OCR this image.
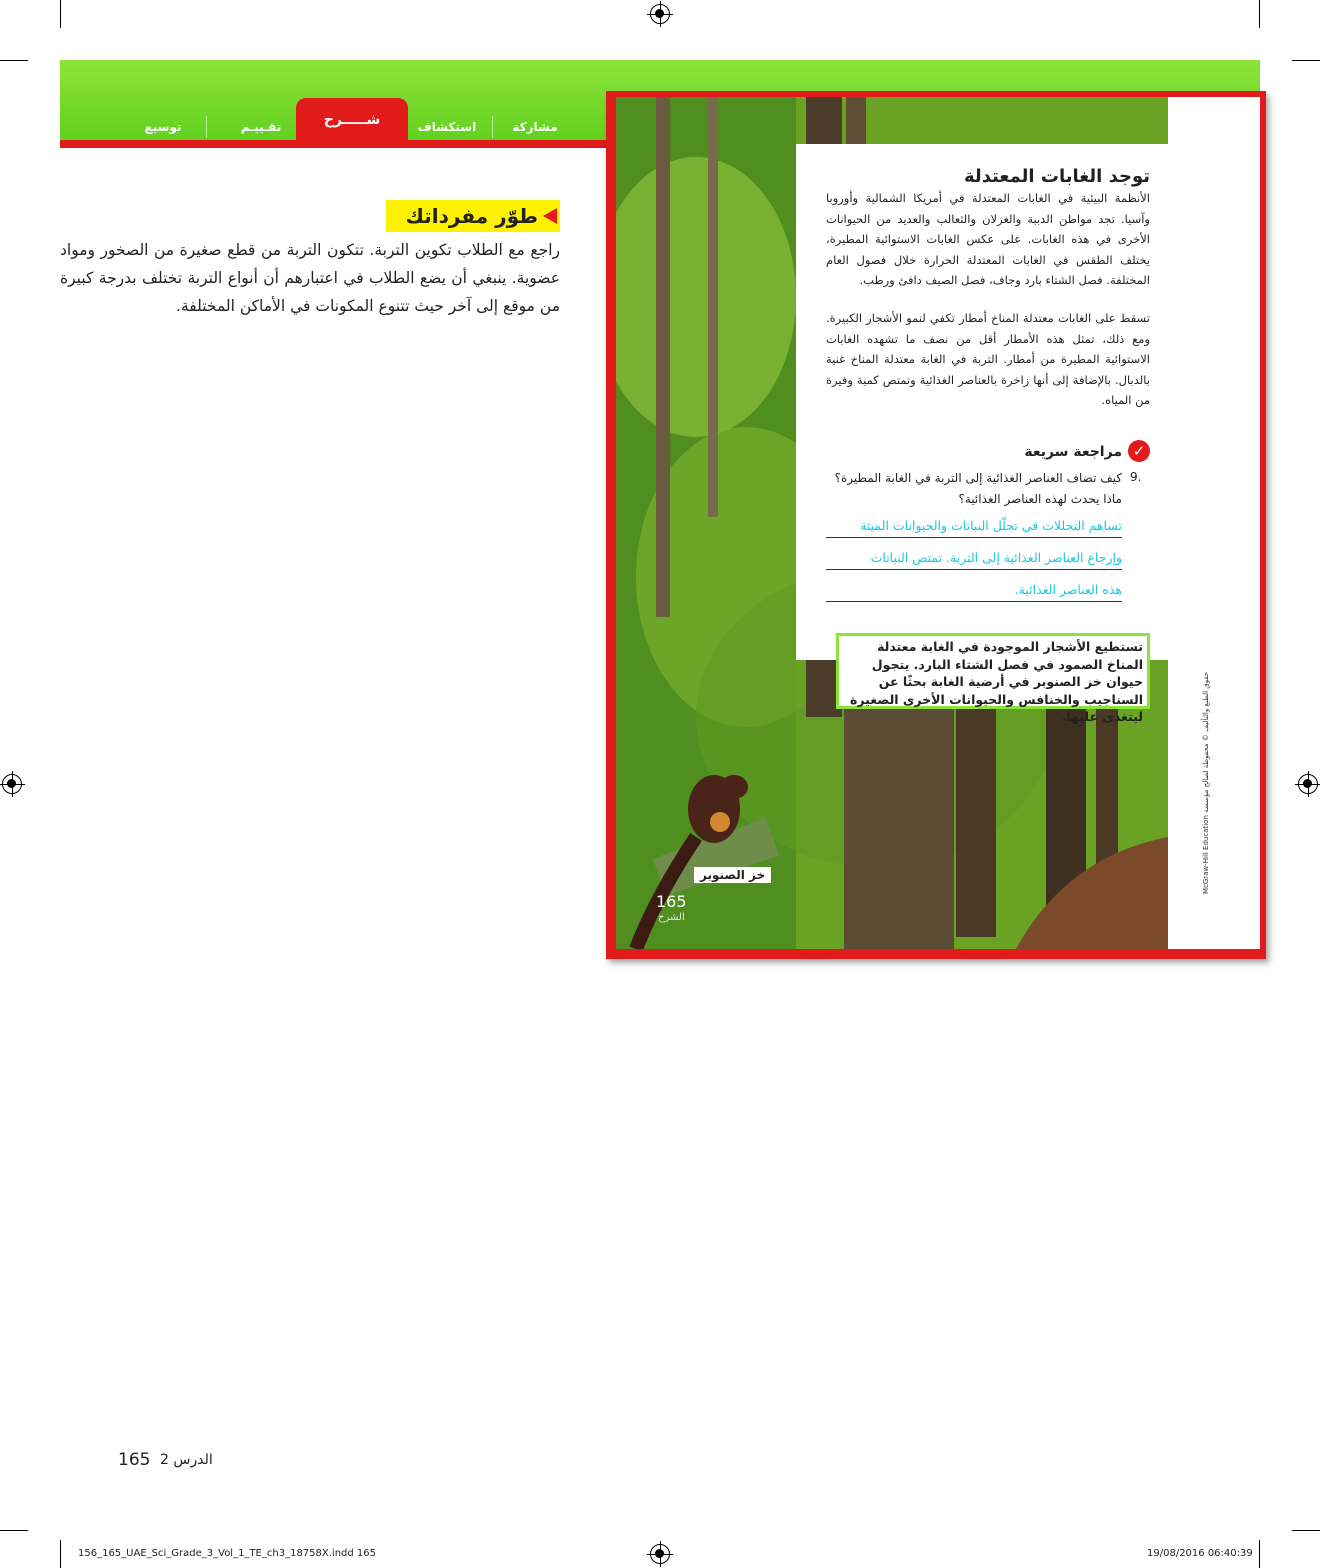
مشاركة
استكشاف
شـــــرح
تقـييـم
توسيع
طوّر مفرداتك
راجع مع الطلاب تكوين التربة. تتكون التربة من قطع صغيرة من الصخور ومواد عضوية. ينبغي أن يضع الطلاب في اعتبارهم أن أنواع التربة تختلف بدرجة كبيرة من موقع إلى آخر حيث تتنوع المكونات في الأماكن المختلفة.
توجد الغابات المعتدلة
الأنظمة البيئية في الغابات المعتدلة في أمريكا الشمالية وأوروبا وآسيا. تجد مواطن الدببة والغزلان والثعالب والعديد من الحيوانات الأخرى في هذه الغابات. على عكس الغابات الاستوائية المطيرة، يختلف الطقس في الغابات المعتدلة الحرارة خلال فصول العام المختلفة. فصل الشتاء بارد وجاف، فصل الصيف دافئ ورطب.
تسقط على الغابات معتدلة المناخ أمطار تكفي لنمو الأشجار الكبيرة. ومع ذلك، تمثل هذه الأمطار أقل من نصف ما تشهده الغابات الاستوائية المطيرة من أمطار. التربة في الغابة معتدلة المناخ غنية بالدبال. بالإضافة إلى أنها زاخرة بالعناصر الغذائية وتمتص كمية وفيرة من المياه.
✓
مراجعة سريعة
9.
كيف تضاف العناصر الغذائية إلى التربة في الغابة المطيرة؟ ماذا يحدث لهذه العناصر الغذائية؟
تساهم التحللات في تحلّل النباتات والحيوانات الميتة
وإرجاع العناصر الغذائية إلى التربة. تمتص النباتات
هذه العناصر الغذائية.
تستطيع الأشجار الموجودة في الغابة معتدلة المناخ الصمود في فصل الشتاء البارد. يتجول حيوان خز الصنوبر في أرضية الغابة بحثًا عن السناجيب والخنافس والحيوانات الأخرى الصغيرة ليتغذى عليها.
خز الصنوبر
165
الشرح
McGraw-Hill Education حقوق الطبع والتأليف © محفوظة لصالح مؤسسة
165 الدرس 2
156_165_UAE_Sci_Grade_3_Vol_1_TE_ch3_18758X.indd 165	19/08/2016 06:40:39
